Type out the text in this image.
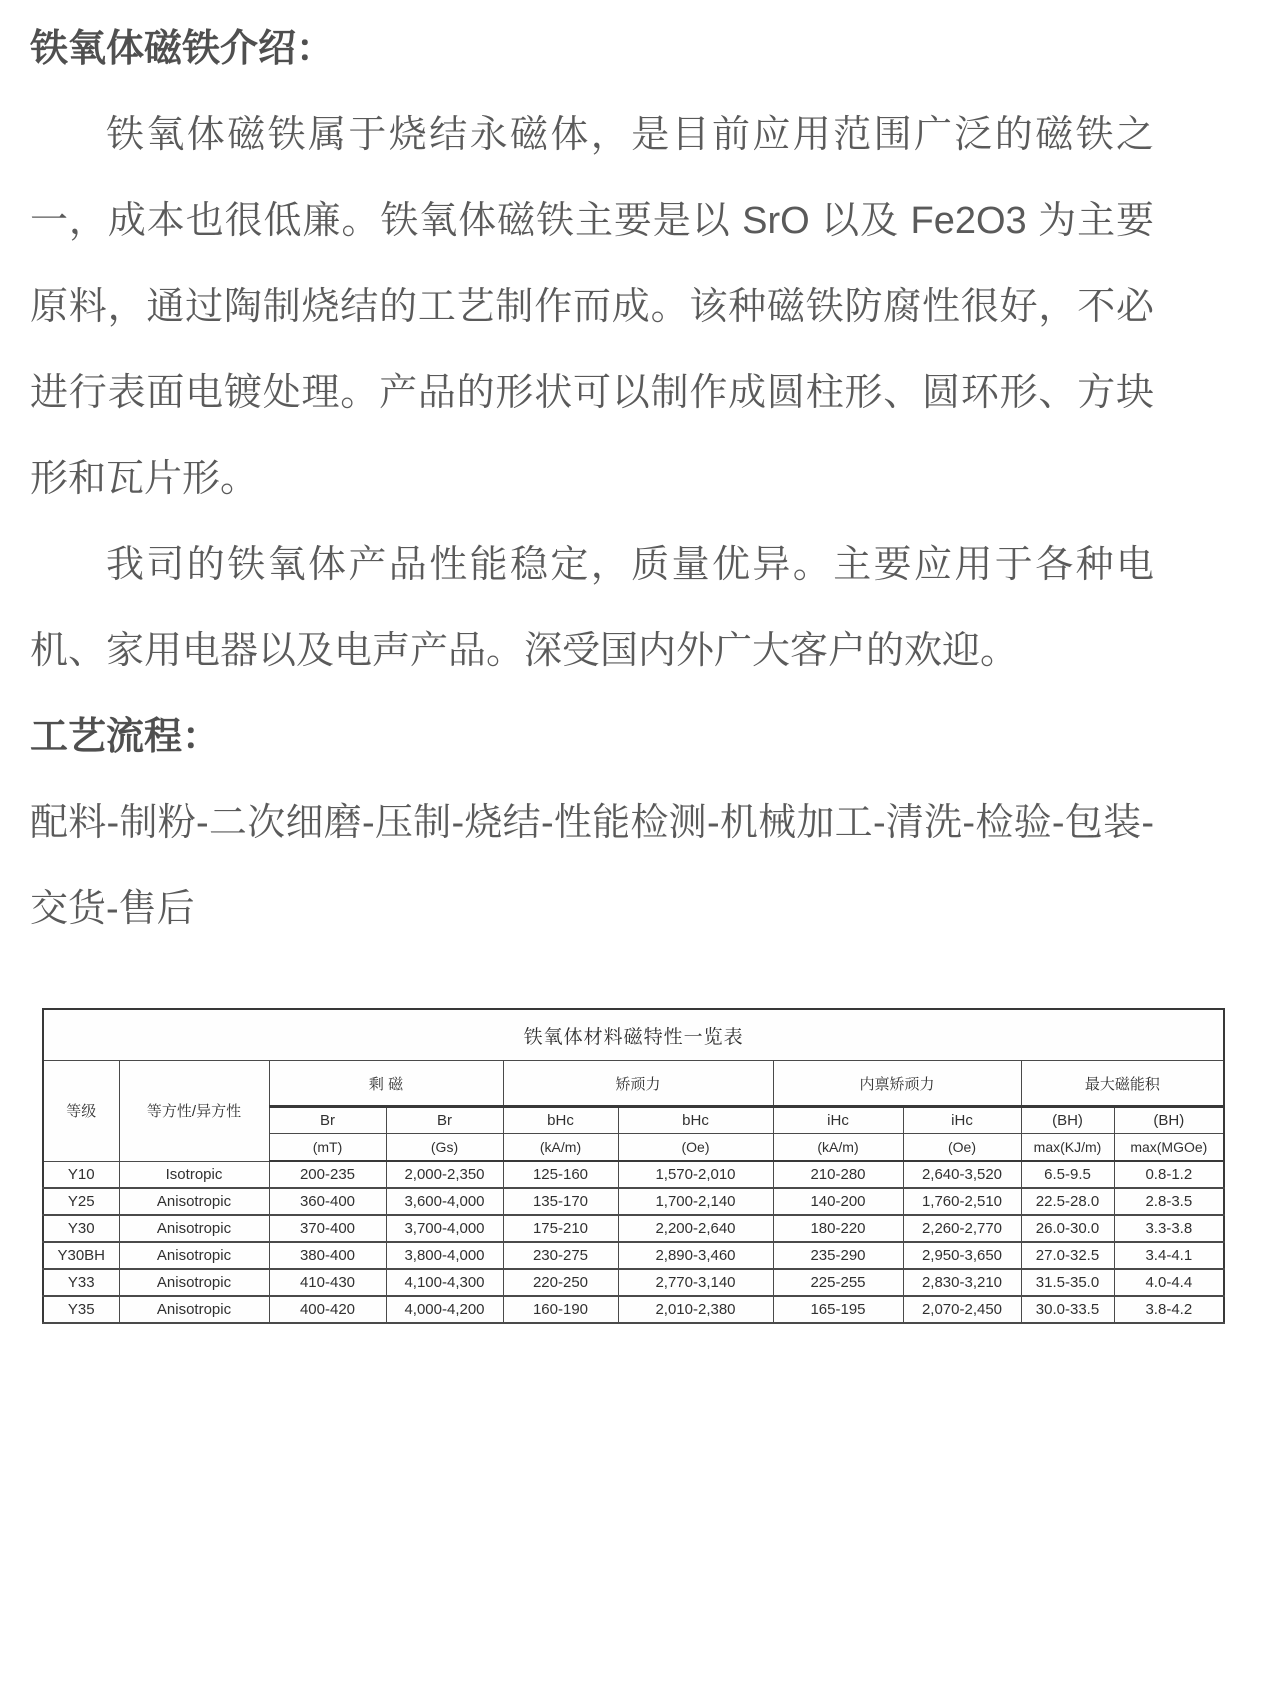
铁氧体磁铁介绍：

铁氧体磁铁属于烧结永磁体，是目前应用范围广泛的磁铁之一，成本也很低廉。铁氧体磁铁主要是以 SrO 以及 Fe2O3 为主要原料，通过陶制烧结的工艺制作而成。该种磁铁防腐性很好，不必进行表面电镀处理。产品的形状可以制作成圆柱形、圆环形、方块形和瓦片形。

我司的铁氧体产品性能稳定，质量优异。主要应用于各种电机、家用电器以及电声产品。深受国内外广大客户的欢迎。

工艺流程：

配料-制粉-二次细磨-压制-烧结-性能检测-机械加工-清洗-检验-包装-交货-售后

铁氧体材料磁特性一览表									
等级	等方性/异方性	剩 磁		矫顽力		内禀矫顽力		最大磁能积	
		Br	Br	bHc	bHc	iHc	iHc	(BH)	(BH)
		(mT)	(Gs)	(kA/m)	(Oe)	(kA/m)	(Oe)	max(KJ/m)	max(MGOe)
Y10	Isotropic	200-235	2,000-2,350	125-160	1,570-2,010	210-280	2,640-3,520	6.5-9.5	0.8-1.2
Y25	Anisotropic	360-400	3,600-4,000	135-170	1,700-2,140	140-200	1,760-2,510	22.5-28.0	2.8-3.5
Y30	Anisotropic	370-400	3,700-4,000	175-210	2,200-2,640	180-220	2,260-2,770	26.0-30.0	3.3-3.8
Y30BH	Anisotropic	380-400	3,800-4,000	230-275	2,890-3,460	235-290	2,950-3,650	27.0-32.5	3.4-4.1
Y33	Anisotropic	410-430	4,100-4,300	220-250	2,770-3,140	225-255	2,830-3,210	31.5-35.0	4.0-4.4
Y35	Anisotropic	400-420	4,000-4,200	160-190	2,010-2,380	165-195	2,070-2,450	30.0-33.5	3.8-4.2
